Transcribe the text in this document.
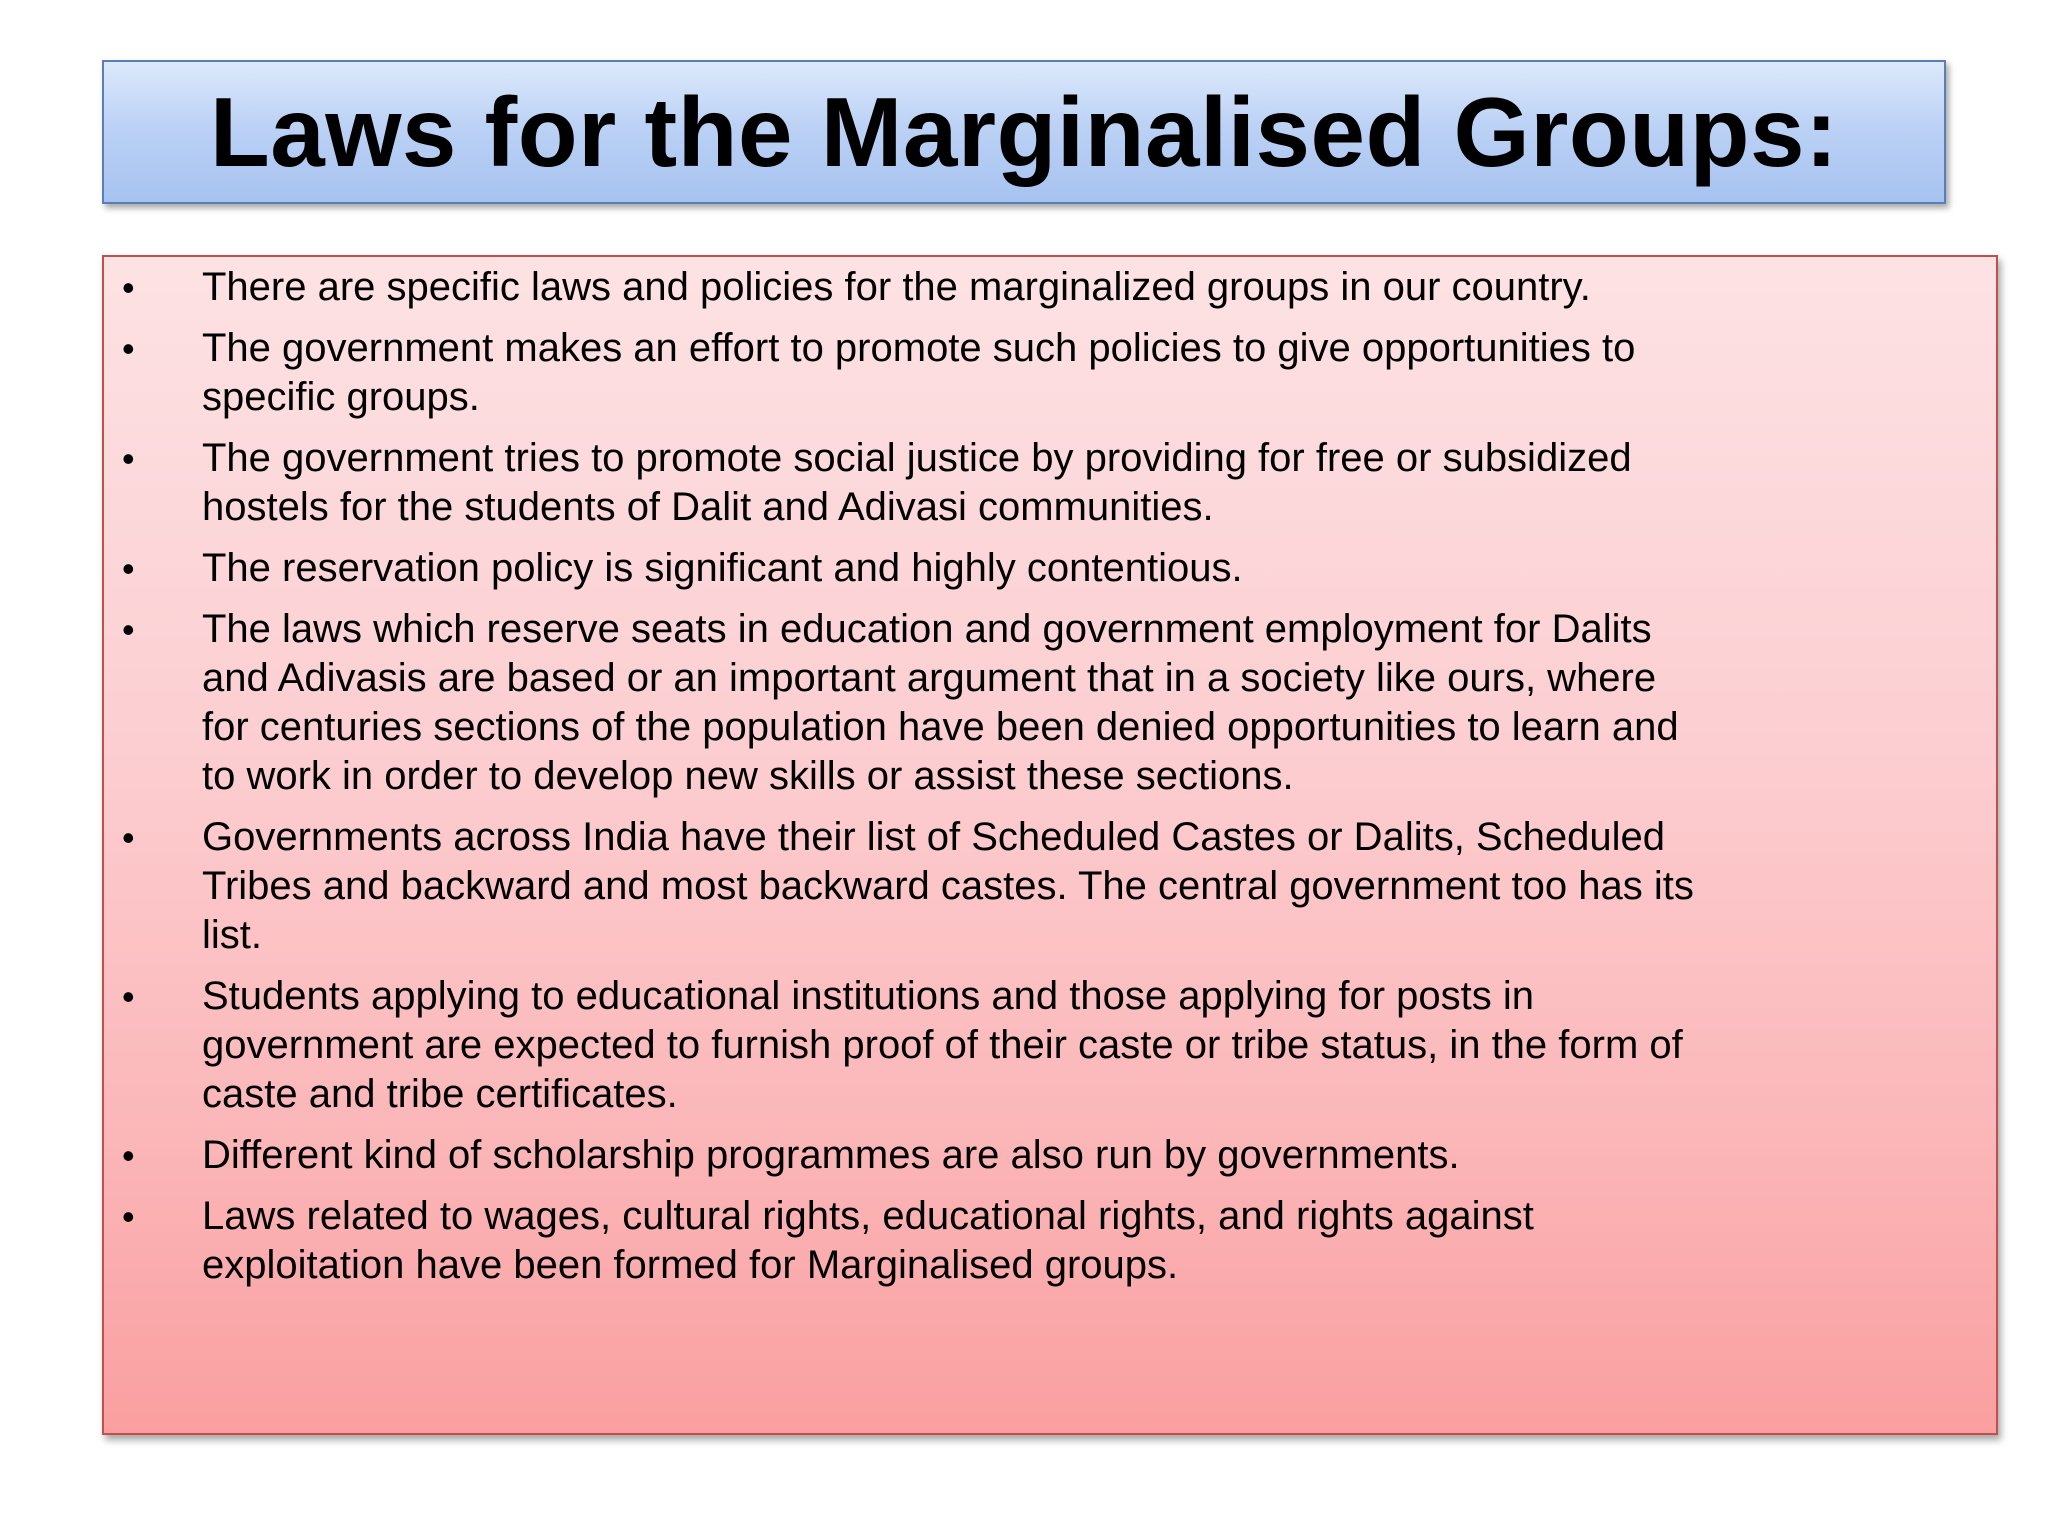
Laws for the Marginalised Groups:
•	There are specific laws and policies for the marginalized groups in our country.
•	The government makes an effort to promote such policies to give opportunities to
specific groups.
•	The government tries to promote social justice by providing for free or subsidized
hostels for the students of Dalit and Adivasi communities.
•	The reservation policy is significant and highly contentious.
•	The laws which reserve seats in education and government employment for Dalits
and Adivasis are based or an important argument that in a society like ours, where
for centuries sections of the population have been denied opportunities to learn and
to work in order to develop new skills or assist these sections.
•	Governments across India have their list of Scheduled Castes or Dalits, Scheduled
Tribes and backward and most backward castes. The central government too has its
list.
•	Students applying to educational institutions and those applying for posts in
government are expected to furnish proof of their caste or tribe status, in the form of
caste and tribe certificates.
•	Different kind of scholarship programmes are also run by governments.
•	Laws related to wages, cultural rights, educational rights, and rights against
exploitation have been formed for Marginalised groups.
